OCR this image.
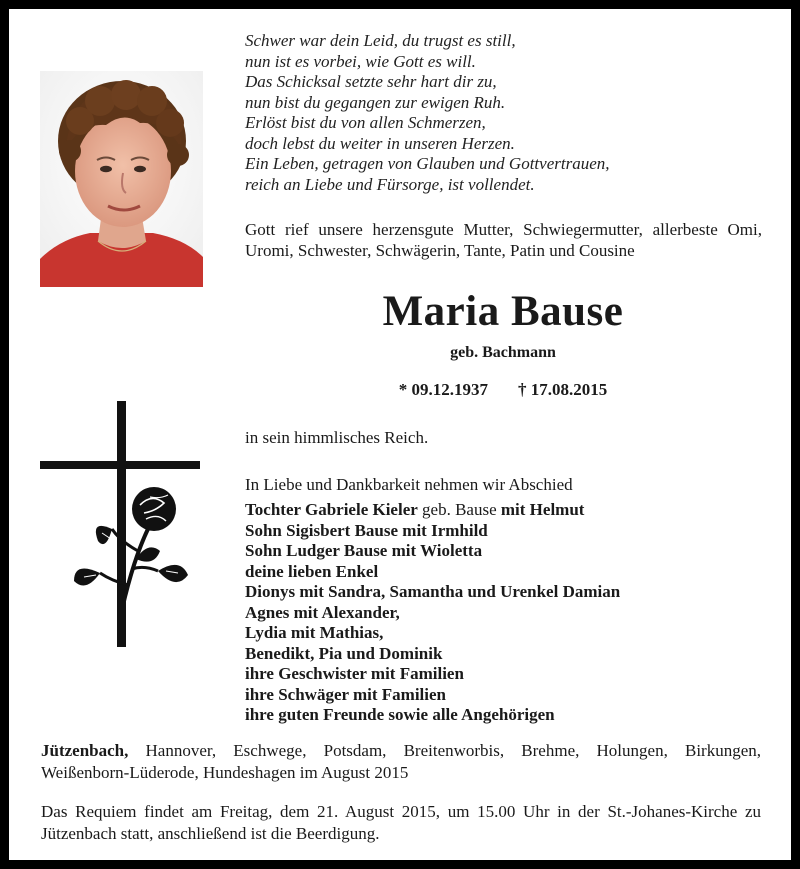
Schwer war dein Leid, du trugst es still,
nun ist es vorbei, wie Gott es will.
Das Schicksal setzte sehr hart dir zu,
nun bist du gegangen zur ewigen Ruh.
Erlöst bist du von allen Schmerzen,
doch lebst du weiter in unseren Herzen.
Ein Leben, getragen von Glauben und Gottvertrauen,
reich an Liebe und Fürsorge, ist vollendet.
Gott rief unsere herzensgute Mutter, Schwiegermutter, allerbeste Omi, Uromi, Schwester, Schwägerin, Tante, Patin und Cousine
Maria Bause
geb. Bachmann
* 09.12.1937 † 17.08.2015
in sein himmlisches Reich.
In Liebe und Dankbarkeit nehmen wir Abschied
Tochter Gabriele Kieler geb. Bause mit Helmut
Sohn Sigisbert Bause mit Irmhild
Sohn Ludger Bause mit Wioletta
deine lieben Enkel
Dionys mit Sandra, Samantha und Urenkel Damian
Agnes mit Alexander,
Lydia mit Mathias,
Benedikt, Pia und Dominik
ihre Geschwister mit Familien
ihre Schwäger mit Familien
ihre guten Freunde sowie alle Angehörigen
Jützenbach, Hannover, Eschwege, Potsdam, Breitenworbis, Brehme, Holungen, Birkungen, Weißenborn-Lüderode, Hundeshagen im August 2015
Das Requiem findet am Freitag, dem 21. August 2015, um 15.00 Uhr in der St.-Johanes-Kirche zu Jützenbach statt, anschließend ist die Beerdigung.
